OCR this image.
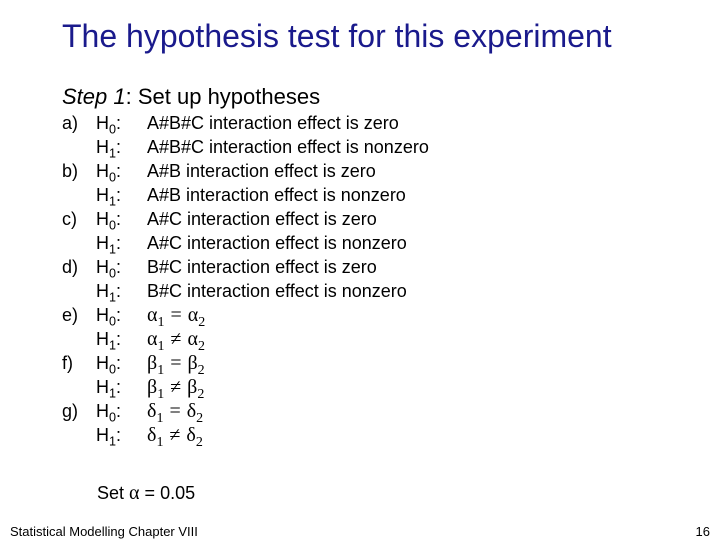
The hypothesis test for this experiment
Step 1: Set up hypotheses
a) $H_0$: A#B#C interaction effect is zero
$H_1$: A#B#C interaction effect is nonzero
b) $H_0$: A#B interaction effect is zero
$H_1$: A#B interaction effect is nonzero
c) $H_0$: A#C interaction effect is zero
$H_1$: A#C interaction effect is nonzero
d) $H_0$: B#C interaction effect is zero
$H_1$: B#C interaction effect is nonzero
e) $H_0$: $\alpha_1 = \alpha_2$
$H_1$: $\alpha_1 \ne \alpha_2$
f) $H_0$: $\beta_1 = \beta_2$
$H_1$: $\beta_1 \ne \beta_2$
g) $H_0$: $\delta_1 = \delta_2$
$H_1$: $\delta_1 \ne \delta_2$
Set α = 0.05
Statistical Modelling Chapter VIII	16
